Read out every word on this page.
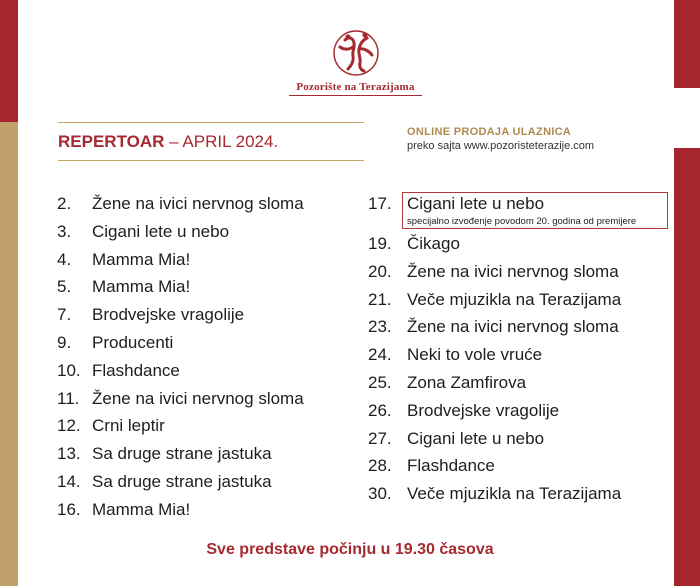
Pozorište na Terazijama
REPERTOAR – APRIL 2024.	ONLINE PRODAJA ULAZNICA
preko sajta www.pozoristeterazije.com
2. Žene na ivici nervnog sloma
3. Cigani lete u nebo
4. Mamma Mia!
5. Mamma Mia!
7. Brodvejske vragolije
9. Producenti
10. Flashdance
11. Žene na ivici nervnog sloma
12. Crni leptir
13. Sa druge strane jastuka
14. Sa druge strane jastuka
16. Mamma Mia!
17. Cigani lete u nebo
19. Čikago
20. Žene na ivici nervnog sloma
21. Veče mjuzikla na Terazijama
23. Žene na ivici nervnog sloma
24. Neki to vole vruće
25. Zona Zamfirova
26. Brodvejske vragolije
27. Cigani lete u nebo
28. Flashdance
30. Veče mjuzikla na Terazijama
specijalno izvođenje povodom 20. godina od premijere
Sve predstave počinju u 19.30 časova
